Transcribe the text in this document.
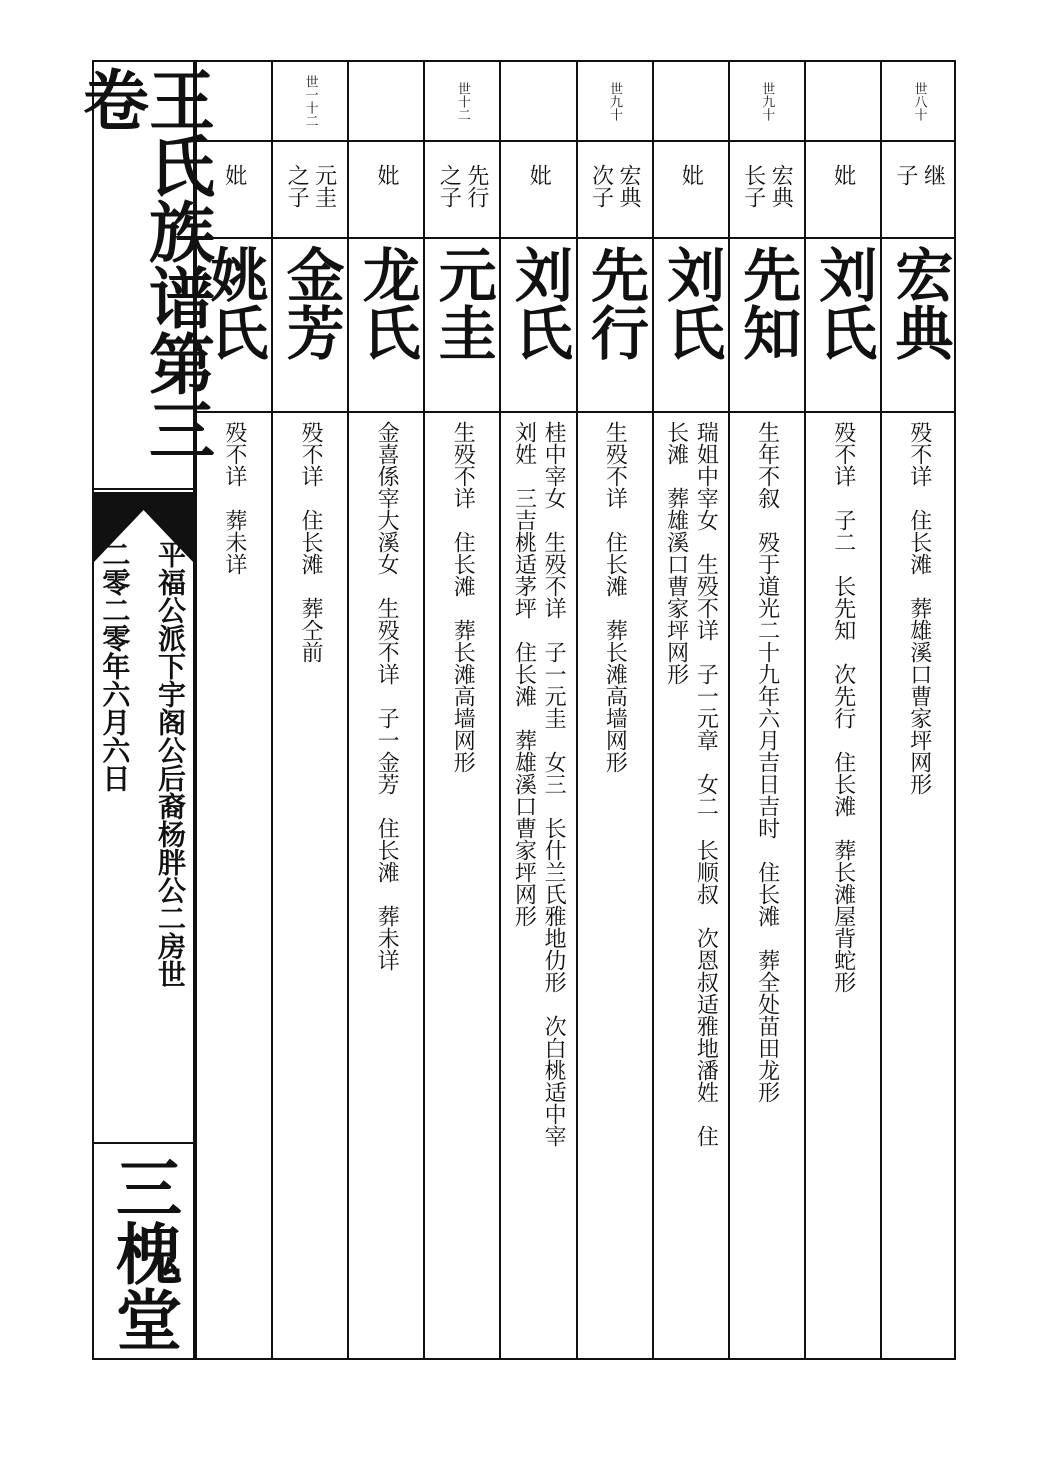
王氏族谱第三卷
平福公派下宇阁公后裔杨胖公二房世
二零二零年六月六日
三槐堂
妣
姚氏
殁不详　葬未详
世一十二
元圭
之子
金芳
殁不详　住长滩　葬仝前
妣
龙氏
金喜係宰大溪女　生殁不详　子一金芳　住长滩　葬未详
世十二
先行
之子
元圭
生殁不详　住长滩　葬长滩高墙网形
妣
刘氏
桂中宰女　生殁不详　子一元圭　女三　长什兰氏雅地仂形　次白桃适中宰
刘姓　三吉桃适茅坪　住长滩　葬雄溪口曹家坪网形
世九十
宏典
次子
先行
生殁不详　住长滩　葬长滩高墙网形
妣
刘氏
瑞姐中宰女　生殁不详　子一元章　女二　长顺叔　次恩叔适雅地潘姓　住
长滩　葬雄溪口曹家坪网形
世九十
宏典
长子
先知
生年不叙　殁于道光二十九年六月吉日吉时　住长滩　葬全处苗田龙形
妣
刘氏
殁不详　子二　长先知　次先行　住长滩　葬长滩屋背蛇形
世八十
继
子
宏典
殁不详　住长滩　葬雄溪口曹家坪网形
